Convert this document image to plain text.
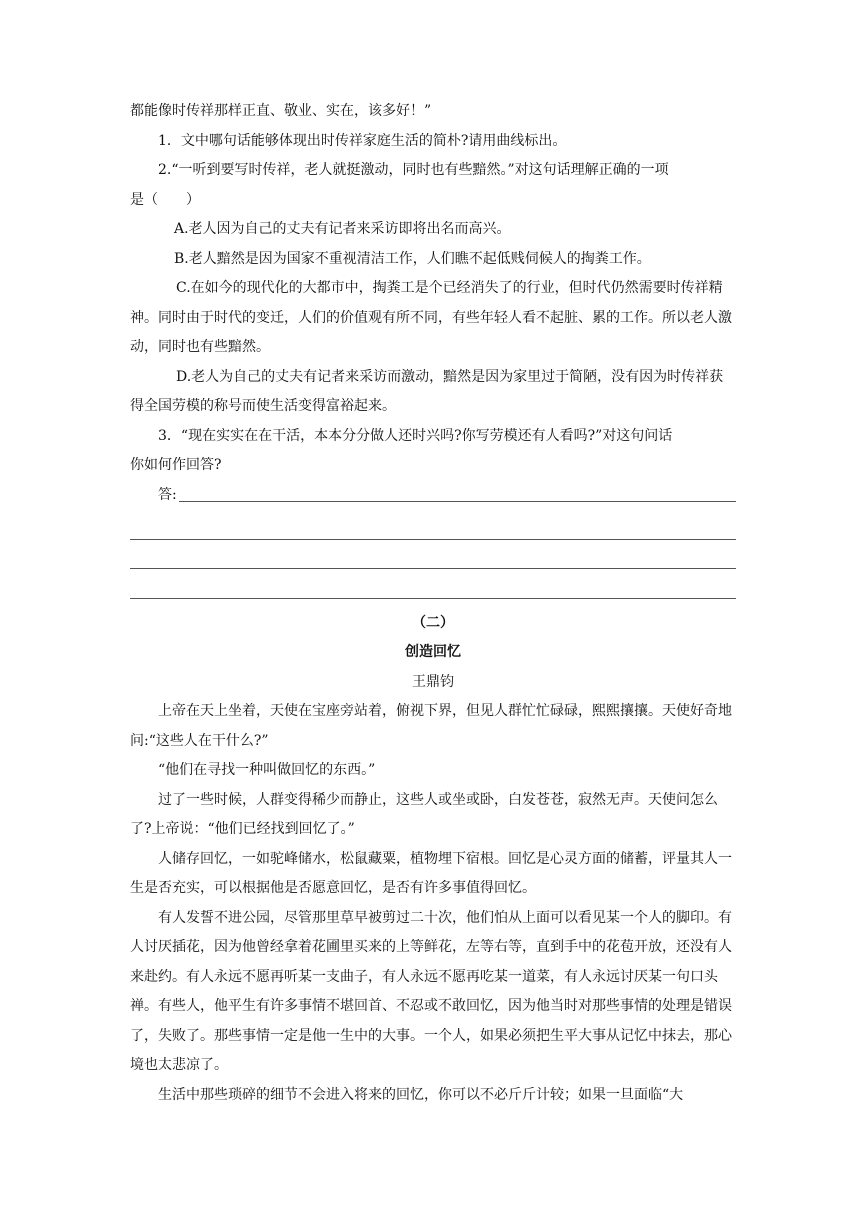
都能像时传祥那样正直、敬业、实在，该多好！”

1．文中哪句话能够体现出时传祥家庭生活的简朴?请用曲线标出。

2.“一听到要写时传祥，老人就挺激动，同时也有些黯然。”对这句话理解正确的一项

是（　　）

A.老人因为自己的丈夫有记者来采访即将出名而高兴。

B.老人黯然是因为国家不重视清洁工作，人们瞧不起低贱伺候人的掏粪工作。

C.在如今的现代化的大都市中，掏粪工是个已经消失了的行业，但时代仍然需要时传祥精神。同时由于时代的变迁，人们的价值观有所不同，有些年轻人看不起脏、累的工作。所以老人激动，同时也有些黯然。

D.老人为自己的丈夫有记者来采访而激动，黯然是因为家里过于简陋，没有因为时传祥获得全国劳模的称号而使生活变得富裕起来。

3．“现在实实在在干活，本本分分做人还时兴吗?你写劳模还有人看吗?”对这句问话

你如何作回答?

答:

（二）

创造回忆

王鼎钧

上帝在天上坐着，天使在宝座旁站着，俯视下界，但见人群忙忙碌碌，熙熙攘攘。天使好奇地问:“这些人在干什么?”

“他们在寻找一种叫做回忆的东西。”

过了一些时候，人群变得稀少而静止，这些人或坐或卧，白发苍苍，寂然无声。天使问怎么了?上帝说：“他们已经找到回忆了。”

人储存回忆，一如驼峰储水，松鼠藏粟，植物埋下宿根。回忆是心灵方面的储蓄，评量其人一生是否充实，可以根据他是否愿意回忆，是否有许多事值得回忆。

有人发誓不进公园，尽管那里草早被剪过二十次，他们怕从上面可以看见某一个人的脚印。有人讨厌插花，因为他曾经拿着花圃里买来的上等鲜花，左等右等，直到手中的花苞开放，还没有人来赴约。有人永远不愿再听某一支曲子，有人永远不愿再吃某一道菜，有人永远讨厌某一句口头禅。有些人，他平生有许多事情不堪回首、不忍或不敢回忆，因为他当时对那些事情的处理是错误了，失败了。那些事情一定是他一生中的大事。一个人，如果必须把生平大事从记忆中抹去，那心境也太悲凉了。

生活中那些琐碎的细节不会进入将来的回忆，你可以不必斤斤计较；如果一旦面临“大
